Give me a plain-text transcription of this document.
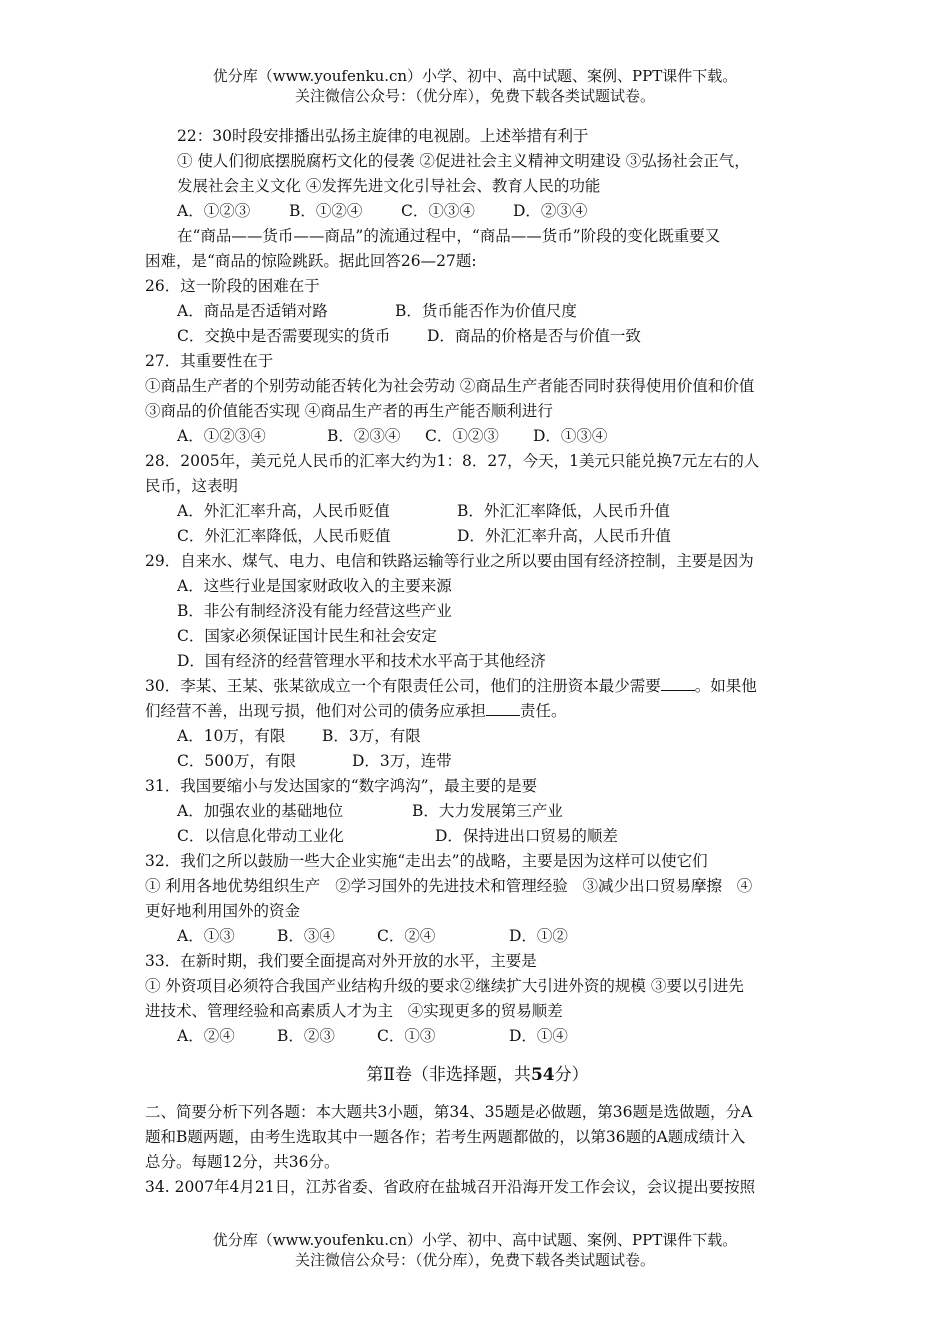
优分库（www.youfenku.cn）小学、初中、高中试题、案例、PPT课件下载。
关注微信公众号：（优分库），免费下载各类试题试卷。
22：30时段安排播出弘扬主旋律的电视剧。上述举措有利于
① 使人们彻底摆脱腐朽文化的侵袭 ②促进社会主义精神文明建设 ③弘扬社会正气，
发展社会主义文化 ④发挥先进文化引导社会、教育人民的功能
A．①②③	B．①②④ C．①③④ D．②③④
在“商品——货币——商品”的流通过程中，“商品——货币”阶段的变化既重要又
困难，是“商品的惊险跳跃。据此回答26—27题:
26．这一阶段的困难在于
A．商品是否适销对路	B．货币能否作为价值尺度
C．交换中是否需要现实的货币 D．商品的价格是否与价值一致
27．其重要性在于
①商品生产者的个别劳动能否转化为社会劳动 ②商品生产者能否同时获得使用价值和价值
③商品的价值能否实现 ④商品生产者的再生产能否顺利进行
A．①②③④	B．②③④ C．①②③ D．①③④
28．2005年，美元兑人民币的汇率大约为1：8．27，今天，1美元只能兑换7元左右的人
民币，这表明
A．外汇汇率升高，人民币贬值	B．外汇汇率降低，人民币升值
C．外汇汇率降低，人民币贬值	D．外汇汇率升高，人民币升值
29．自来水、煤气、电力、电信和铁路运输等行业之所以要由国有经济控制，主要是因为
A．这些行业是国家财政收入的主要来源
B．非公有制经济没有能力经营这些产业
C．国家必须保证国计民生和社会安定
D．国有经济的经营管理水平和技术水平高于其他经济
30．李某、王某、张某欲成立一个有限责任公司，他们的注册资本最少需要 。如果他
们经营不善，出现亏损，他们对公司的债务应承担 责任。
A．10万，有限 B．3万，有限
C．500万，有限	D．3万，连带
31．我国要缩小与发达国家的“数字鸿沟”，最主要的是要
A．加强农业的基础地位	B．大力发展第三产业
C．以信息化带动工业化	D．保持进出口贸易的顺差
32．我们之所以鼓励一些大企业实施“走出去”的战略，主要是因为这样可以使它们
① 利用各地优势组织生产   ②学习国外的先进技术和管理经验   ③减少出口贸易摩擦   ④
更好地利用国外的资金
A．①③	B．③④	C．②④	D．①②
33．在新时期，我们要全面提高对外开放的水平，主要是
① 外资项目必须符合我国产业结构升级的要求②继续扩大引进外资的规模 ③要以引进先
进技术、管理经验和高素质人才为主   ④实现更多的贸易顺差
A．②④	B．②③	C．①③	D．①④
第Ⅱ卷（非选择题，共54分）
二、简要分析下列各题：本大题共3小题，第34、35题是必做题，第36题是选做题，分A
题和B题两题，由考生选取其中一题各作；若考生两题都做的，以第36题的A题成绩计入
总分。每题12分，共36分。
34. 2007年4月21日，江苏省委、省政府在盐城召开沿海开发工作会议，会议提出要按照
优分库（www.youfenku.cn）小学、初中、高中试题、案例、PPT课件下载。
关注微信公众号：（优分库），免费下载各类试题试卷。
